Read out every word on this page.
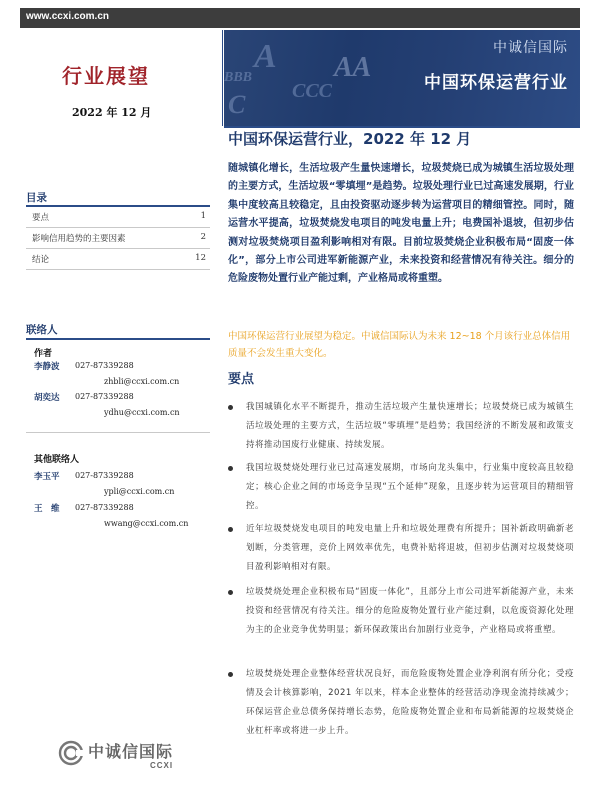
www.ccxi.com.cn
A AA
BBB
C CCC
中诚信国际
中国环保运营行业
行业展望
2022 年 12 月
目录
要点	1
影响信用趋势的主要因素	2
结论	12
联络人
作者
李静波 027-87339288
zhbli@ccxi.com.cn
胡奕达 027-87339288
ydhu@ccxi.com.cn
其他联络人
李玉平 027-87339288
ypli@ccxi.com.cn
王　维 027-87339288
wwang@ccxi.com.cn
中诚信国际
CCXI
中国环保运营行业，2022 年 12 月
随城镇化增长，生活垃圾产生量快速增长，垃圾焚烧已成为城镇生活垃圾处理的主要方式，生活垃圾“零填埋”是趋势。垃圾处理行业已过高速发展期，行业集中度较高且较稳定，且由投资驱动逐步转为运营项目的精细管控。同时，随运营水平提高，垃圾焚烧发电项目的吨发电量上升；电费国补退坡，但初步估测对垃圾焚烧项目盈利影响相对有限。目前垃圾焚烧企业积极布局“固废一体化”，部分上市公司进军新能源产业，未来投资和经营情况有待关注。细分的危险废物处置行业产能过剩，产业格局或将重塑。
中国环保运营行业展望为稳定。中诚信国际认为未来 12~18 个月该行业总体信用质量不会发生重大变化。
要点
我国城镇化水平不断提升，推动生活垃圾产生量快速增长；垃圾焚烧已成为城镇生活垃圾处理的主要方式，生活垃圾“零填埋”是趋势；我国经济的不断发展和政策支持将推动国废行业健康、持续发展。
我国垃圾焚烧处理行业已过高速发展期，市场向龙头集中，行业集中度较高且较稳定；核心企业之间的市场竞争呈现“五个延伸”现象，且逐步转为运营项目的精细管控。
近年垃圾焚烧发电项目的吨发电量上升和垃圾处理费有所提升；国补新政明确新老划断，分类管理，竞价上网效率优先，电费补贴将退坡，但初步估测对垃圾焚烧项目盈利影响相对有限。
垃圾焚烧处理企业积极布局“固废一体化”，且部分上市公司进军新能源产业，未来投资和经营情况有待关注。细分的危险废物处置行业产能过剩，以危废资源化处理为主的企业竞争优势明显；新环保政策出台加剧行业竞争，产业格局或将重塑。
垃圾焚烧处理企业整体经营状况良好，而危险废物处置企业净利润有所分化；受疫情及会计核算影响，2021 年以来，样本企业整体的经营活动净现金流持续减少；环保运营企业总债务保持增长态势，危险废物处置企业和布局新能源的垃圾焚烧企业杠杆率或将进一步上升。
